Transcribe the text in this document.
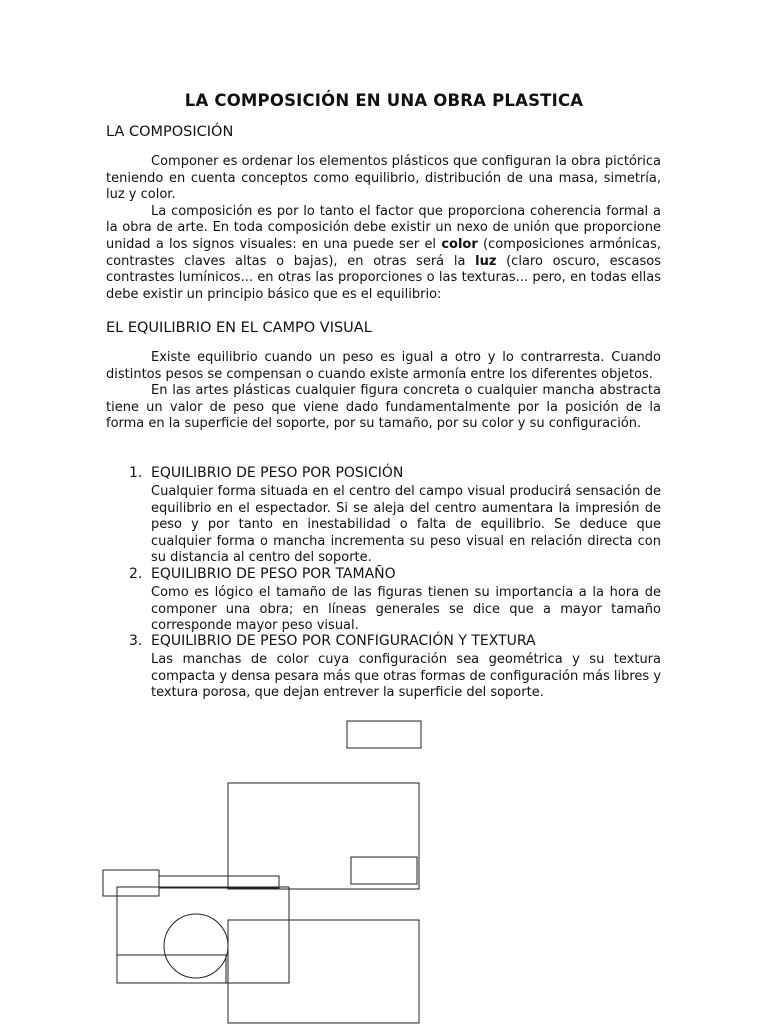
LA COMPOSICIÓN EN UNA OBRA PLASTICA
LA COMPOSICIÓN

Componer es ordenar los elementos plásticos que configuran la obra pictórica teniendo en cuenta conceptos como equilibrio, distribución de una masa, simetría, luz y color.

La composición es por lo tanto el factor que proporciona coherencia formal a la obra de arte. En toda composición debe existir un nexo de unión que proporcione unidad a los signos visuales: en una puede ser el color (composiciones armónicas, contrastes claves altas o bajas), en otras será la luz (claro oscuro, escasos contrastes lumínicos... en otras las proporciones o las texturas... pero, en todas ellas debe existir un principio básico que es el equilibrio:

EL EQUILIBRIO EN EL CAMPO VISUAL

Existe equilibrio cuando un peso es igual a otro y lo contrarresta. Cuando distintos pesos se compensan o cuando existe armonía entre los diferentes objetos.

En las artes plásticas cualquier figura concreta o cualquier mancha abstracta tiene un valor de peso que viene dado fundamentalmente por la posición de la forma en la superficie del soporte, por su tamaño, por su color y su configuración.

1. EQUILIBRIO DE PESO POR POSICIÓN

Cualquier forma situada en el centro del campo visual producirá sensación de equilibrio en el espectador. Si se aleja del centro aumentara la impresión de peso y por tanto en inestabilidad o falta de equilibrio. Se deduce que cualquier forma o mancha incrementa su peso visual en relación directa con su distancia al centro del soporte.

2. EQUILIBRIO DE PESO POR TAMAÑO

Como es lógico el tamaño de las figuras tienen su importancia a la hora de componer una obra; en líneas generales se dice que a mayor tamaño corresponde mayor peso visual.

3. EQUILIBRIO DE PESO POR CONFIGURACIÓN Y TEXTURA

Las manchas de color cuya configuración sea geométrica y su textura compacta y densa pesara más que otras formas de configuración más libres y textura porosa, que dejan entrever la superficie del soporte.
